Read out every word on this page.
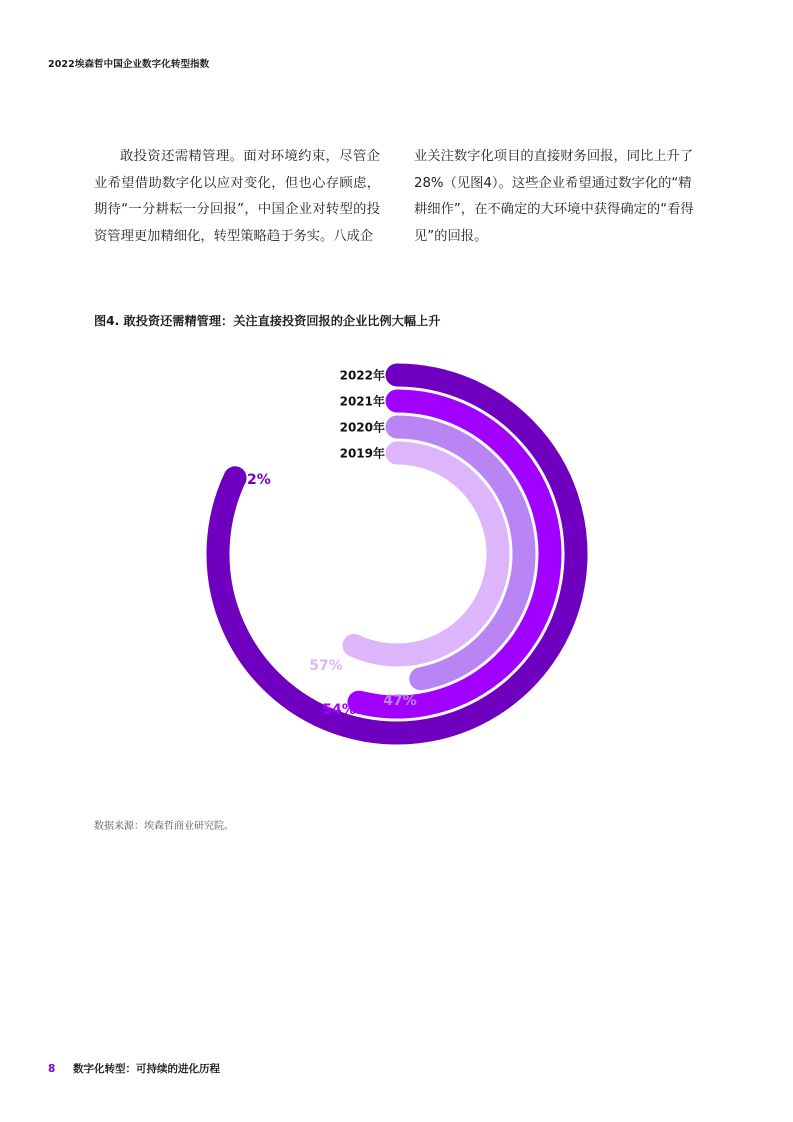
2022埃森哲中国企业数字化转型指数

敢投资还需精管理。面对环境约束，尽管企业希望借助数字化以应对变化，但也心存顾虑，期待“一分耕耘一分回报”，中国企业对转型的投资管理更加精细化，转型策略趋于务实。八成企

业关注数字化项目的直接财务回报，同比上升了28%（见图4）。这些企业希望通过数字化的“精耕细作”，在不确定的大环境中获得确定的“看得见”的回报。

图4. 敢投资还需精管理：关注直接投资回报的企业比例大幅上升
2022年
82%
2021年
54%
2020年
47%
2019年
57%
数据来源：埃森哲商业研究院。
8 数字化转型：可持续的进化历程
